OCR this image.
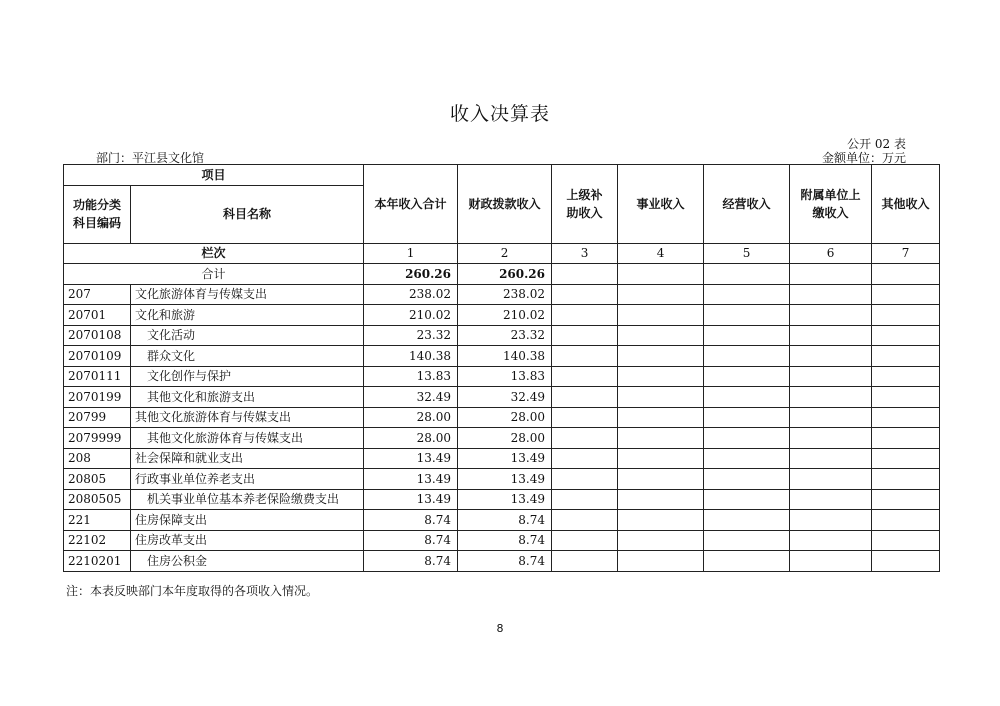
收入决算表
公开 02 表
部门：平江县文化馆	金额单位：万元
项目		本年收入合计	财政拨款收入	上级补助收入	事业收入	经营收入	附属单位上缴收入	其他收入
功能分类科目编码	科目名称							
栏次		1	2	3	4	5	6	7
合计		260.26	260.26					
207	文化旅游体育与传媒支出	238.02	238.02					
20701	文化和旅游	210.02	210.02					
2070108	文化活动	23.32	23.32					
2070109	群众文化	140.38	140.38					
2070111	文化创作与保护	13.83	13.83					
2070199	其他文化和旅游支出	32.49	32.49					
20799	其他文化旅游体育与传媒支出	28.00	28.00					
2079999	其他文化旅游体育与传媒支出	28.00	28.00					
208	社会保障和就业支出	13.49	13.49					
20805	行政事业单位养老支出	13.49	13.49					
2080505	机关事业单位基本养老保险缴费支出	13.49	13.49					
221	住房保障支出	8.74	8.74					
22102	住房改革支出	8.74	8.74					
2210201	住房公积金	8.74	8.74					
注：本表反映部门本年度取得的各项收入情况。
8
